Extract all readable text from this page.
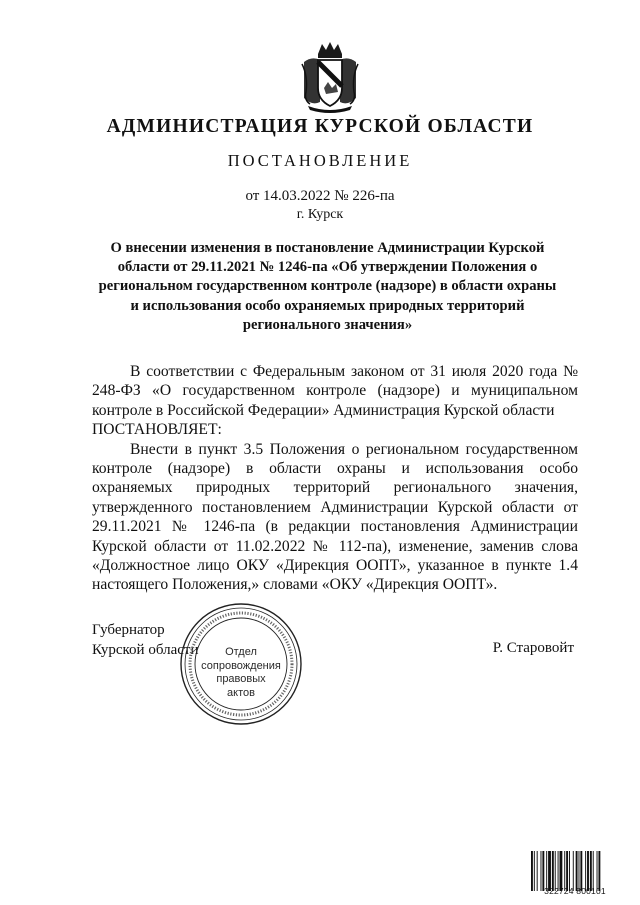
АДМИНИСТРАЦИЯ КУРСКОЙ ОБЛАСТИ
ПОСТАНОВЛЕНИЕ
от 14.03.2022 № 226-па
г. Курск
О внесении изменения в постановление Администрации Курской области от 29.11.2021 № 1246-па «Об утверждении Положения о региональном государственном контроле (надзоре) в области охраны и использования особо охраняемых природных территорий регионального значения»

В соответствии с Федеральным законом от 31 июля 2020 года № 248-ФЗ «О государственном контроле (надзоре) и муниципальном контроле в Российской Федерации» Администрация Курской области

ПОСТАНОВЛЯЕТ:

Внести в пункт 3.5 Положения о региональном государственном контроле (надзоре) в области охраны и использования особо охраняемых природных территорий регионального значения, утвержденного постановлением Администрации Курской области от 29.11.2021 № 1246-па (в редакции постановления Администрации Курской области от 11.02.2022 № 112-па), изменение, заменив слова «Должностное лицо ОКУ «Дирекция ООПТ», указанное в пункте 1.4 настоящего Положения,» словами «ОКУ «Дирекция ООПТ».

Губернатор
Курской области	Р. Старовойт
Отдел
сопровождения
правовых
актов
322724 800101
